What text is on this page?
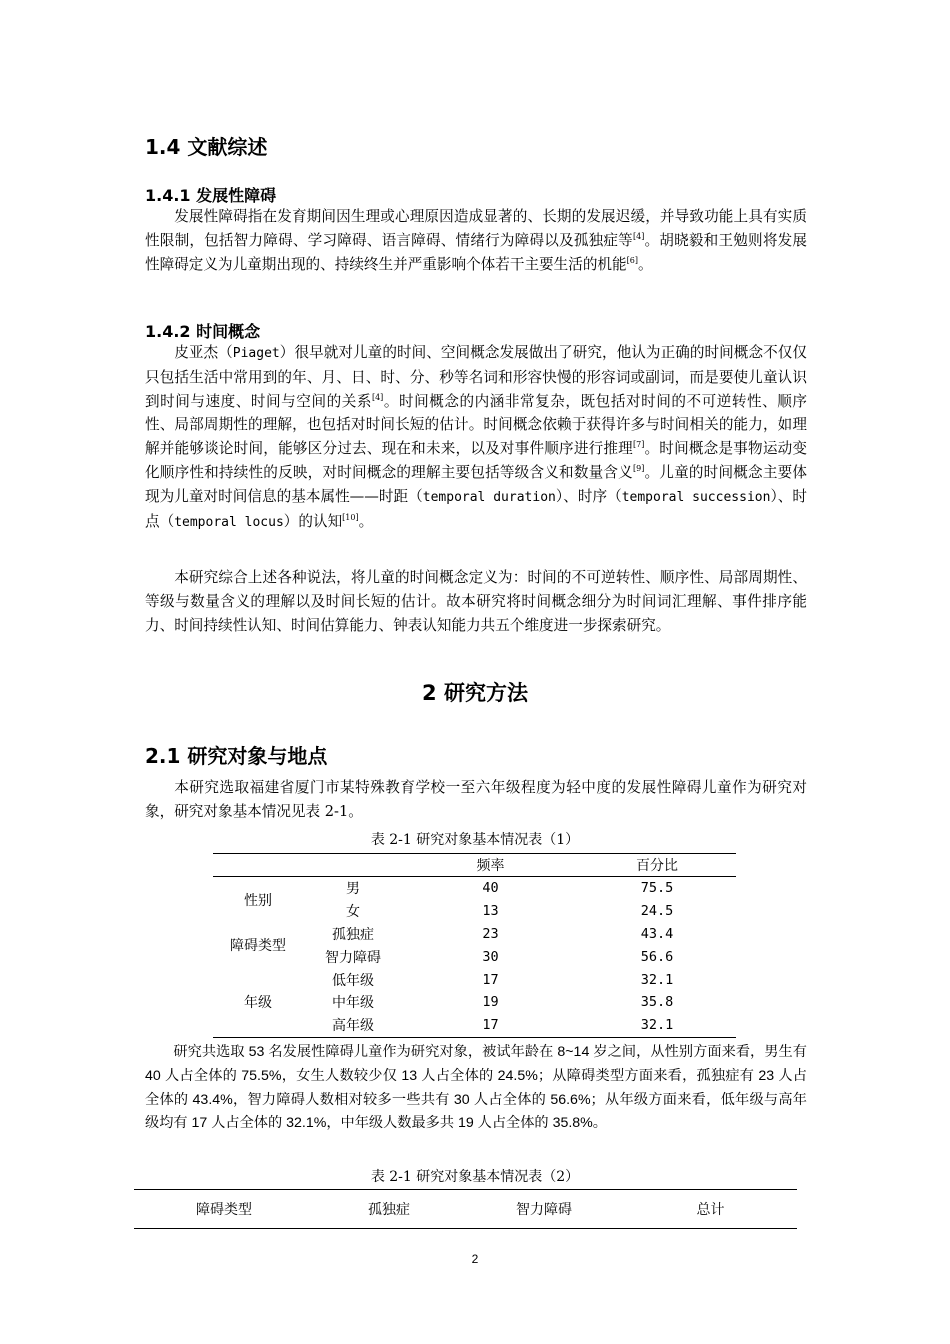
1.4 文献综述
1.4.1 发展性障碍

发展性障碍指在发育期间因生理或心理原因造成显著的、长期的发展迟缓，并导致功能上具有实质性限制，包括智力障碍、学习障碍、语言障碍、情绪行为障碍以及孤独症等[4]。胡晓毅和王勉则将发展性障碍定义为儿童期出现的、持续终生并严重影响个体若干主要生活的机能[6]。

1.4.2 时间概念

皮亚杰（Piaget）很早就对儿童的时间、空间概念发展做出了研究，他认为正确的时间概念不仅仅只包括生活中常用到的年、月、日、时、分、秒等名词和形容快慢的形容词或副词，而是要使儿童认识到时间与速度、时间与空间的关系[4]。时间概念的内涵非常复杂，既包括对时间的不可逆转性、顺序性、局部周期性的理解，也包括对时间长短的估计。时间概念依赖于获得许多与时间相关的能力，如理解并能够谈论时间，能够区分过去、现在和未来，以及对事件顺序进行推理[7]。时间概念是事物运动变化顺序性和持续性的反映，对时间概念的理解主要包括等级含义和数量含义[9]。儿童的时间概念主要体现为儿童对时间信息的基本属性——时距（temporal duration）、时序（temporal succession）、时点（temporal locus）的认知[10]。

本研究综合上述各种说法，将儿童的时间概念定义为：时间的不可逆转性、顺序性、局部周期性、等级与数量含义的理解以及时间长短的估计。故本研究将时间概念细分为时间词汇理解、事件排序能力、时间持续性认知、时间估算能力、钟表认知能力共五个维度进一步探索研究。

2 研究方法
2.1 研究对象与地点

本研究选取福建省厦门市某特殊教育学校一至六年级程度为轻中度的发展性障碍儿童作为研究对象，研究对象基本情况见表 2-1。

表 2-1 研究对象基本情况表（1）
		频率	百分比
性别	男	40	75.5
	女	13	24.5
障碍类型	孤独症	23	43.4
	智力障碍	30	56.6
年级	低年级	17	32.1
	中年级	19	35.8
	高年级	17	32.1

研究共选取 53 名发展性障碍儿童作为研究对象，被试年龄在 8~14 岁之间，从性别方面来看，男生有 40 人占全体的 75.5%，女生人数较少仅 13 人占全体的 24.5%；从障碍类型方面来看，孤独症有 23 人占全体的 43.4%，智力障碍人数相对较多一些共有 30 人占全体的 56.6%；从年级方面来看，低年级与高年级均有 17 人占全体的 32.1%，中年级人数最多共 19 人占全体的 35.8%。

表 2-1 研究对象基本情况表（2）
障碍类型	孤独症	智力障碍	总计
2
